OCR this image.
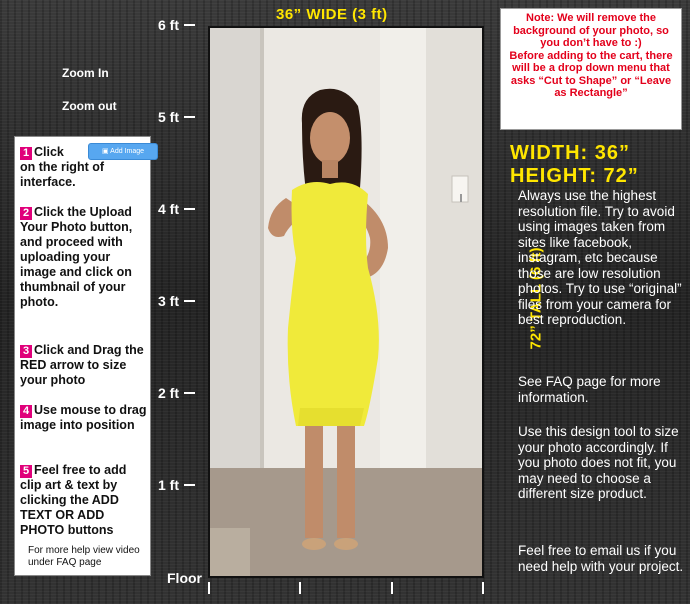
6 ft
5 ft
4 ft
3 ft
2 ft
1 ft
Floor
Zoom In
Zoom out
36” WIDE (3 ft)
72” TALL (6 ft)
1 Click
on the right of interface.
▣ Add Image
2 Click the Upload Your Photo button, and proceed with uploading your image and click on thumbnail of your photo.
3 Click and Drag the RED arrow to size your photo
4 Use mouse to drag image into position
5 Feel free to add clip art & text by clicking the ADD TEXT OR ADD PHOTO buttons
For more help view video under FAQ page
Note: We will remove the background of your photo, so you don’t have to :)
Before adding to the cart, there will be a drop down menu that asks “Cut to Shape” or “Leave as Rectangle”
WIDTH: 36”
HEIGHT: 72”
Always use the highest resolution file. Try to avoid using images taken from sites like facebook, instagram, etc because those are low resolution photos. Try to use “original” files from your camera for best reproduction.
See FAQ page for more information.
Use this design tool to size your photo accordingly. If you photo does not fit, you may need to choose a different size product.
Feel free to email us if you need help with your project.
